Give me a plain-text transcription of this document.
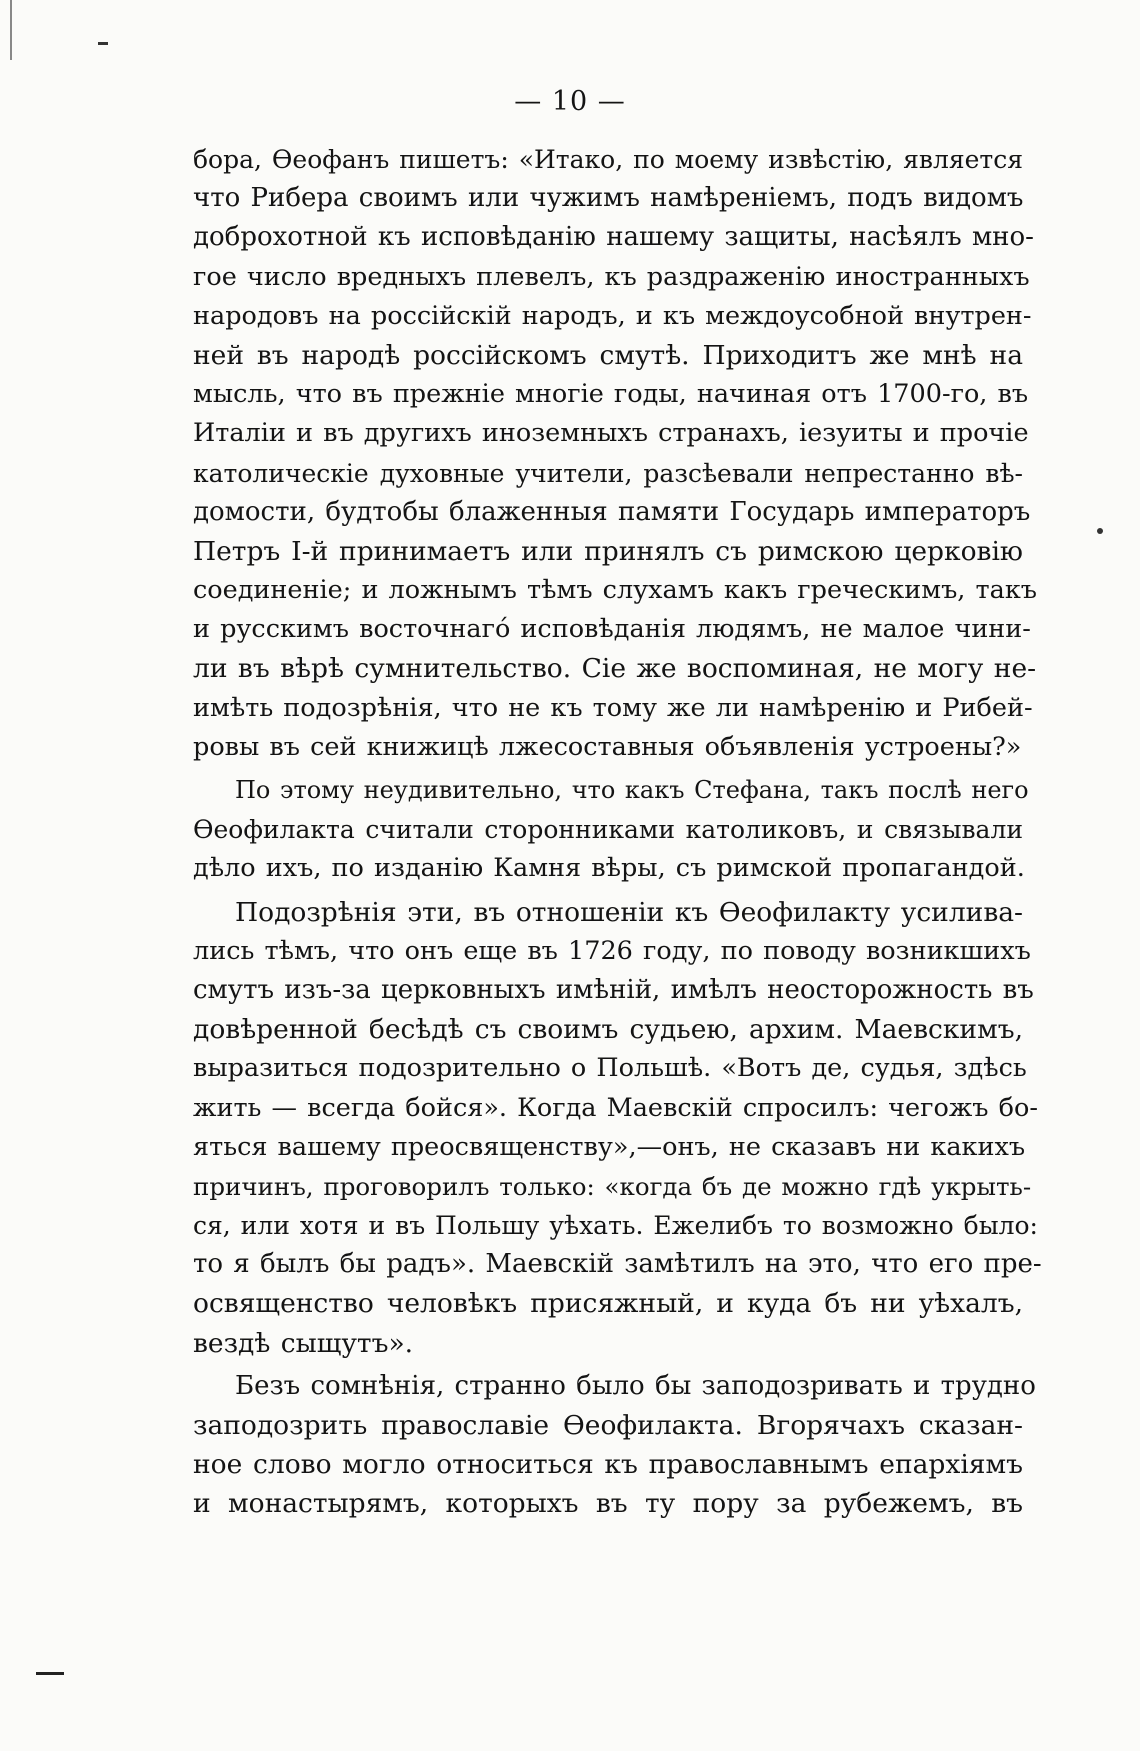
— 10 —
бора, Ѳеофанъ пишетъ: «Итако, по моему извѣстію, является
что Рибера своимъ или чужимъ намѣреніемъ, подъ видомъ
доброхотной къ исповѣданію нашему защиты, насѣялъ мно-
гое число вредныхъ плевелъ, къ раздраженію иностранныхъ
народовъ на россійскій народъ, и къ междоусобной внутрен-
ней въ народѣ россійскомъ смутѣ. Приходитъ же мнѣ на
мысль, что въ прежніе многіе годы, начиная отъ 1700-го, въ
Италіи и въ другихъ иноземныхъ странахъ, іезуиты и прочіе
католическіе духовные учители, разсѣевали непрестанно вѣ-
домости, будтобы блаженныя памяти Государь императоръ
Петръ І-й принимаетъ или принялъ съ римскою церковію
соединеніе; и ложнымъ тѣмъ слухамъ какъ греческимъ, такъ
и русскимъ восточнагó исповѣданія людямъ, не малое чини-
ли въ вѣрѣ сумнительство. Сіе же воспоминая, не могу не-
имѣть подозрѣнія, что не къ тому же ли намѣренію и Рибей-
ровы въ сей книжицѣ лжесоставныя объявленія устроены?»
По этому неудивительно, что какъ Стефана, такъ послѣ него
Ѳеофилакта считали сторонниками католиковъ, и связывали
дѣло ихъ, по изданію Камня вѣры, съ римской пропагандой.
Подозрѣнія эти, въ отношеніи къ Ѳеофилакту усилива-
лись тѣмъ, что онъ еще въ 1726 году, по поводу возникшихъ
смутъ изъ-за церковныхъ имѣній, имѣлъ неосторожность въ
довѣренной бесѣдѣ съ своимъ судьею, архим. Маевскимъ,
выразиться подозрительно о Польшѣ. «Вотъ де, судья, здѣсь
жить — всегда бойся». Когда Маевскій спросилъ: чегожъ бо-
яться вашему преосвященству»,—онъ, не сказавъ ни какихъ
причинъ, проговорилъ только: «когда бъ де можно гдѣ укрыть-
ся, или хотя и въ Польшу уѣхать. Ежелибъ то возможно было:
то я былъ бы радъ». Маевскій замѣтилъ на это, что его пре-
освященство человѣкъ присяжный, и куда бъ ни уѣхалъ,
вездѣ сыщутъ».
Безъ сомнѣнія, странно было бы заподозривать и трудно
заподозрить православіе Ѳеофилакта. Вгорячахъ сказан-
ное слово могло относиться къ православнымъ епархіямъ
и монастырямъ, которыхъ въ ту пору за рубежемъ, въ
